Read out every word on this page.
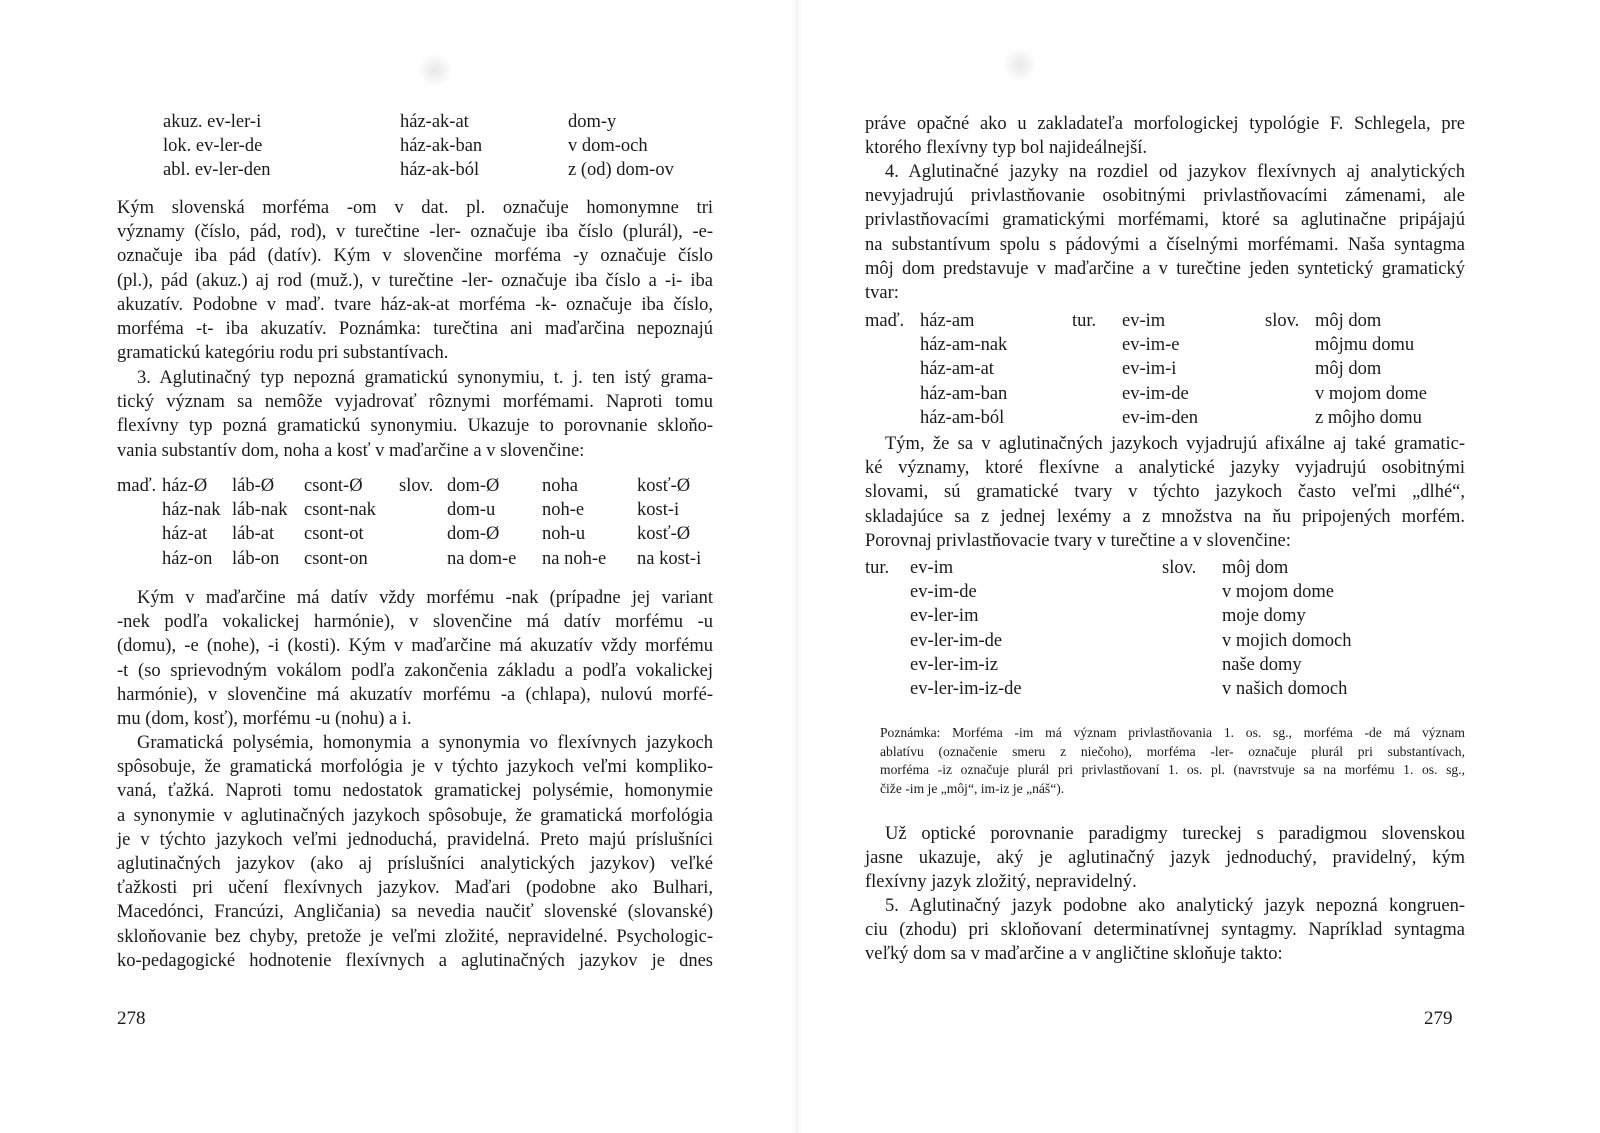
akuz. ev-ler-i
lok. ev-ler-de
abl. ev-ler-den
ház-ak-at
ház-ak-ban
ház-ak-ból
dom-y
v dom-och
z (od) dom-ov
Kým slovenská morféma -om v dat. pl. označuje homonymne tri
významy (číslo, pád, rod), v turečtine -ler- označuje iba číslo (plurál), -e-
označuje iba pád (datív). Kým v slovenčine morféma -y označuje číslo
(pl.), pád (akuz.) aj rod (muž.), v turečtine -ler- označuje iba číslo a -i- iba
akuzatív. Podobne v maď. tvare ház-ak-at morféma -k- označuje iba číslo,
morféma -t- iba akuzatív. Poznámka: turečtina ani maďarčina nepoznajú
gramatickú kategóriu rodu pri substantívach.
3. Aglutinačný typ nepozná gramatickú synonymiu, t. j. ten istý grama-
tický význam sa nemôže vyjadrovať rôznymi morfémami. Naproti tomu
flexívny typ pozná gramatickú synonymiu. Ukazuje to porovnanie skloňo-
vania substantív dom, noha a kosť v maďarčine a v slovenčine:
maď. ház-Ø
ház-nak
ház-at
ház-on
láb-Ø
láb-nak
láb-at
láb-on
csont-Ø
csont-nak
csont-ot
csont-on
slov. dom-Ø
dom-u
dom-Ø
na dom-e
noha
noh-e
noh-u
na noh-e
kosť-Ø
kost-i
kosť-Ø
na kost-i
Kým v maďarčine má datív vždy morfému -nak (prípadne jej variant
-nek podľa vokalickej harmónie), v slovenčine má datív morfému -u
(domu), -e (nohe), -i (kosti). Kým v maďarčine má akuzatív vždy morfému
-t (so sprievodným vokálom podľa zakončenia základu a podľa vokalickej
harmónie), v slovenčine má akuzatív morfému -a (chlapa), nulovú morfé-
mu (dom, kosť), morfému -u (nohu) a i.
Gramatická polysémia, homonymia a synonymia vo flexívnych jazykoch
spôsobuje, že gramatická morfológia je v týchto jazykoch veľmi kompliko-
vaná, ťažká. Naproti tomu nedostatok gramatickej polysémie, homonymie
a synonymie v aglutinačných jazykoch spôsobuje, že gramatická morfológia
je v týchto jazykoch veľmi jednoduchá, pravidelná. Preto majú príslušníci
aglutinačných jazykov (ako aj príslušníci analytických jazykov) veľké
ťažkosti pri učení flexívnych jazykov. Maďari (podobne ako Bulhari,
Macedónci, Francúzi, Angličania) sa nevedia naučiť slovenské (slovanské)
skloňovanie bez chyby, pretože je veľmi zložité, nepravidelné. Psychologic-
ko-pedagogické hodnotenie flexívnych a aglutinačných jazykov je dnes
278
práve opačné ako u zakladateľa morfologickej typológie F. Schlegela, pre
ktorého flexívny typ bol najideálnejší.
4. Aglutinačné jazyky na rozdiel od jazykov flexívnych aj analytických
nevyjadrujú privlastňovanie osobitnými privlastňovacími zámenami, ale
privlastňovacími gramatickými morfémami, ktoré sa aglutinačne pripájajú
na substantívum spolu s pádovými a číselnými morfémami. Naša syntagma
môj dom predstavuje v maďarčine a v turečtine jeden syntetický gramatický
tvar:
maď. ház-am
ház-am-nak
ház-am-at
ház-am-ban
ház-am-ból
tur. ev-im
ev-im-e
ev-im-i
ev-im-de
ev-im-den
slov. môj dom
môjmu domu
môj dom
v mojom dome
z môjho domu
Tým, že sa v aglutinačných jazykoch vyjadrujú afixálne aj také gramatic-
ké významy, ktoré flexívne a analytické jazyky vyjadrujú osobitnými
slovami, sú gramatické tvary v týchto jazykoch často veľmi „dlhé“,
skladajúce sa z jednej lexémy a z množstva na ňu pripojených morfém.
Porovnaj privlastňovacie tvary v turečtine a v slovenčine:
tur. ev-im
ev-im-de
ev-ler-im
ev-ler-im-de
ev-ler-im-iz
ev-ler-im-iz-de
slov. môj dom
v mojom dome
moje domy
v mojich domoch
naše domy
v našich domoch
Poznámka: Morféma -im má význam privlastňovania 1. os. sg., morféma -de má význam
ablatívu (označenie smeru z niečoho), morféma -ler- označuje plurál pri substantívach,
morféma -iz označuje plurál pri privlastňovaní 1. os. pl. (navrstvuje sa na morfému 1. os. sg.,
čiže -im je „môj“, im-iz je „náš“).
Už optické porovnanie paradigmy tureckej s paradigmou slovenskou
jasne ukazuje, aký je aglutinačný jazyk jednoduchý, pravidelný, kým
flexívny jazyk zložitý, nepravidelný.
5. Aglutinačný jazyk podobne ako analytický jazyk nepozná kongruen-
ciu (zhodu) pri skloňovaní determinatívnej syntagmy. Napríklad syntagma
veľký dom sa v maďarčine a v angličtine skloňuje takto:
279
